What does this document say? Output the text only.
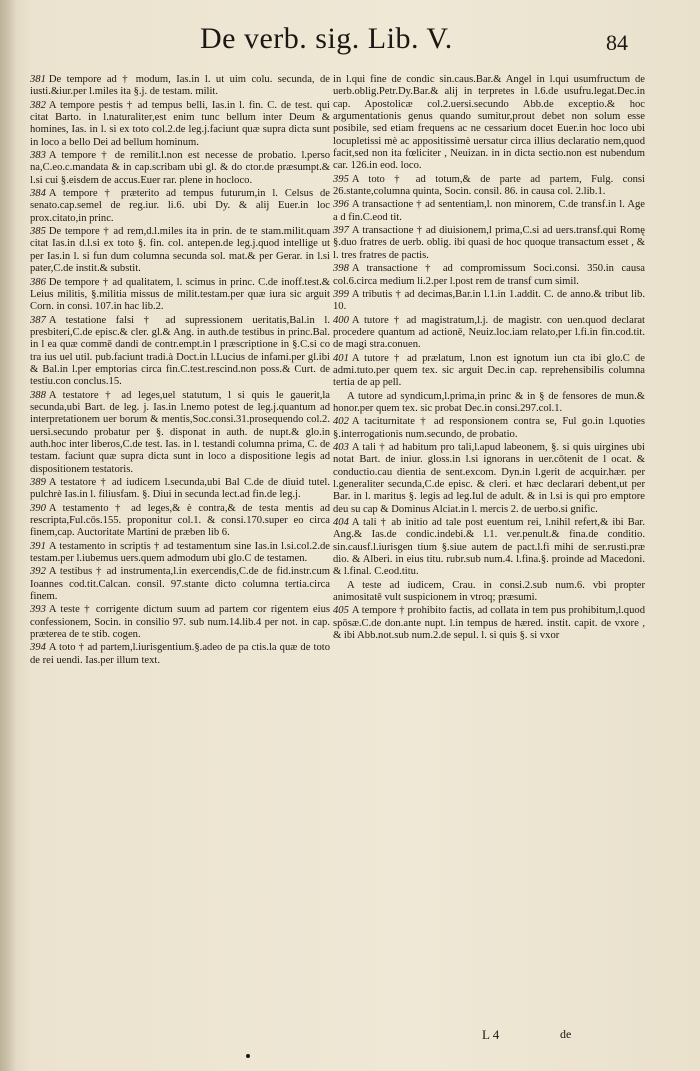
De verb. sig. Lib. V.	84

381 De tempore ad † modum, Ias.in l. ut uim colu. secunda, de iusti.&iur.per l.miles ita §.j. de testam. milit.

382 A tempore pestis † ad tempus belli, Ias.in l. fin. C. de test. qui citat Barto. in l.naturaliter,est enim tunc bellum inter Deum & homines, Ias. in l. si ex toto col.2.de leg.j.faciunt quæ supra dicta sunt in loco a bello Dei ad bellum hominum.

383 A tempore † de remilit.l.non est necesse de probatio. l.perso na,C.eo.c.mandata & in cap.scribam ubi gl. & do ctor.de præsumpt.& l.si cui §.eisdem de accus.Euer rar. plene in hocloco.

384 A tempore † præterito ad tempus futurum,in l. Celsus de senato.cap.semel de reg.iur. li.6. ubi Dy. & alij Euer.in loc prox.citato,in princ.

385 De tempore † ad rem,d.l.miles ita in prin. de te stam.milit.quam citat Ias.in d.l.si ex toto §. fin. col. antepen.de leg.j.quod intellige ut per Ias.in l. si fun dum columna secunda sol. mat.& per Gerar. in l.si pater,C.de instit.& substit.

386 De tempore † ad qualitatem, l. scimus in princ. C.de inoff.test.& Leius militis, §.militia missus de milit.testam.per quæ iura sic arguit Corn. in consi. 107.in hac lib.2.

387 A testatione falsi † ad supressionem ueritatis,Bal.in l. presbiteri,C.de episc.& cler. gl.& Ang. in auth.de testibus in princ.Bal. in l ea quæ commē dandi de contr.empt.in l præscriptione in §.C.si co tra ius uel util. pub.faciunt tradi.à Doct.in l.Lucius de infami.per gl.ibi & Bal.in l.per emptorias circa fin.C.test.rescind.non poss.& Curt. de testiu.con conclus.15.

388 A testatore † ad leges,uel statutum, l si quis le gauerit,la secunda,ubi Bart. de leg. j. Ias.in l.nemo potest de leg.j.quantum ad interpretationem uer borum & mentis,Soc.consi.31.prosequendo col.2. uersi.secundo probatur per §. disponat in auth. de nupt.& glo.in auth.hoc inter liberos,C.de test. Ias. in l. testandi columna prima, C. de testam. faciunt quæ supra dicta sunt in loco a dispositione legis ad dispositionem testatoris.

389 A testatore † ad iudicem l.secunda,ubi Bal C.de de diuid tutel. pulchrè Ias.in l. filiusfam. §. Diui in secunda lect.ad fin.de leg.j.

390 A testamento † ad leges,& è contra,& de testa mentis ad rescripta,Ful.cōs.155. proponitur col.1. & consi.170.super eo circa finem,cap. Auctoritate Martini de præben lib 6.

391 A testamento in scriptis † ad testamentum sine Ias.in l.si.col.2.de testam.per l.iubemus uers.quem admodum ubi glo.C de testamen.

392 A testibus † ad instrumenta,l.in exercendis,C.de de fid.instr.cum Ioannes cod.tit.Calcan. consil. 97.stante dicto columna tertia.circa finem.

393 A teste † corrigente dictum suum ad partem cor rigentem eius confessionem, Socin. in consilio 97. sub num.14.lib.4 per not. in cap. præterea de te stib. cogen.

394 A toto † ad partem,l.iurisgentium.§.adeo de pa ctis.la quæ de toto de rei uendi. Ias.per illum text.

in l.qui fine de condic sin.caus.Bar.& Angel in l.qui usumfructum de uerb.oblig.Petr.Dy.Bar.& alij in terpretes in l.6.de usufru.legat.Dec.in cap. Apostolicæ col.2.uersi.secundo Abb.de exceptio.& hoc argumentationis genus quando sumitur,prout debet non solum esse posibile, sed etiam frequens ac ne cessarium docet Euer.in hoc loco ubi locupletissi mè ac appositissimè uersatur circa illius declaratio nem,quod facit,sed non ita fœliciter , Neuizan. in in dicta sectio.non est nubendum car. 126.in eod. loco.

395 A toto † ad totum,& de parte ad partem, Fulg. consi 26.stante,columna quinta, Socin. consil. 86. in causa col. 2.lib.1.

396 A transactione † ad sententiam,l. non minorem, C.de transf.in l. Age a d fin.C.eod tit.

397 A transactione † ad diuisionem,l prima,C.si ad uers.transf.qui Romę §.duo fratres de uerb. oblig. ibi quasi de hoc quoque transactum esset , & l. tres fratres de pactis.

398 A transactione † ad compromissum Soci.consi. 350.in causa col.6.circa medium li.2.per l.post rem de transf cum simil.

399 A tributis † ad decimas,Bar.in l.1.in 1.addit. C. de anno.& tribut lib. 10.

400 A tutore † ad magistratum,l.j. de magistr. con uen.quod declarat procedere quantum ad actionē, Neuiz.loc.iam relato,per l.fi.in fin.cod.tit. de magi stra.conuen.

401 A tutore † ad prælatum, l.non est ignotum iun cta ibi glo.C de admi.tuto.per quem tex. sic arguit Dec.in cap. reprehensibilis columna tertia de ap pell.

A tutore ad syndicum,l.prima,in princ & in § de fensores de mun.& honor.per quem tex. sic probat Dec.in consi.297.col.1.

402 A taciturnitate † ad responsionem contra se, Ful go.in l.quoties §.interrogationis num.secundo, de probatio.

403 A tali † ad habitum pro tali,l.apud labeonem, §. si quis uirgines ubi notat Bart. de iniur. gloss.in l.si ignorans in uer.cōtenit de l ocat. & conductio.cau dientia de sent.excom. Dyn.in l.gerit de acquir.hær. per l.generaliter secunda,C.de episc. & cleri. et hæc declarari debent,ut per Bar. in l. maritus §. legis ad leg.Iul de adult. & in l.si is qui pro emptore deu su cap & Dominus Alciat.in l. mercis 2. de uerbo.si gnific.

404 A tali † ab initio ad tale post euentum rei, l.nihil refert,& ibi Bar. Ang.& Ias.de condic.indebi.& l.1. ver.penult.& fina.de conditio. sin.causf.l.iurisgen tium §.siue autem de pact.l.fi mihi de ser.rusti.præ dio. & Alberi. in eius titu. rubr.sub num.4. l.fina.§. proinde ad Macedoni. & l.final. C.eod.titu.

A teste ad iudicem, Crau. in consi.2.sub num.6. vbi propter animositatē vult suspicionem in vtroq; præsumi.

405 A tempore † prohibito factis, ad collata in tem pus prohibitum,l.quod spōsæ.C.de don.ante nupt. l.in tempus de hæred. instit. capit. de vxore , & ibi Abb.not.sub num.2.de sepul. l. si quis §. si vxor

L 4	de
